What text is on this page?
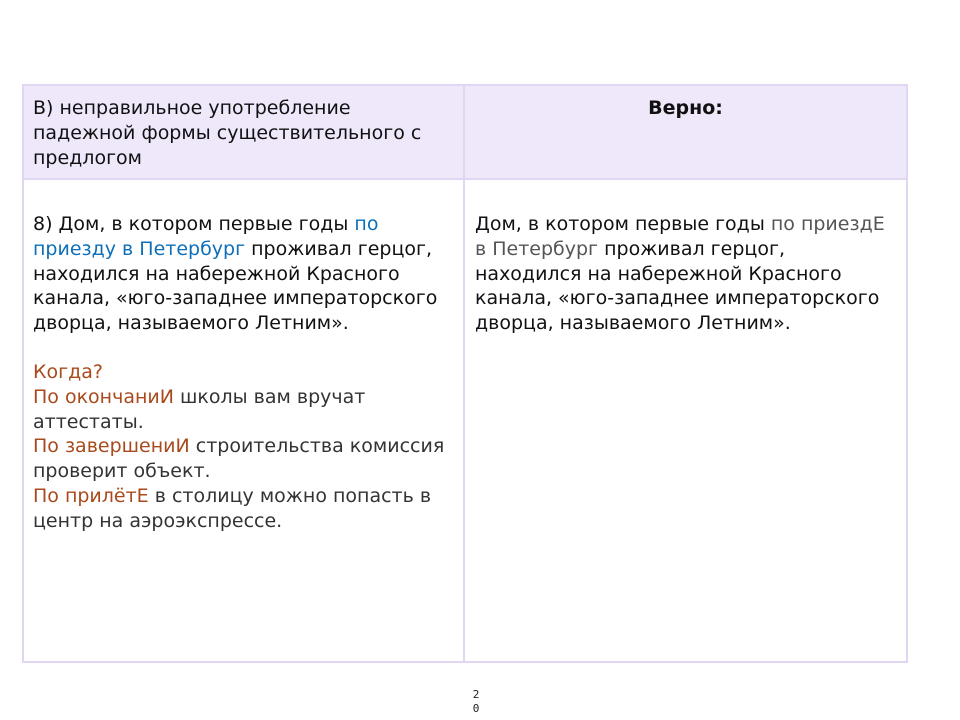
В) неправильное употребление падежной формы существительного с предлогом

Верно:

8) Дом, в котором первые годы по приезду в Петербург проживал герцог, находился на набережной Красного канала, «юго-западнее императорского дворца, называемого Летним».

Когда?

По окончаниИ школы вам вручат аттестаты.

По завершениИ строительства комиссия проверит объект.

По прилётЕ в столицу можно попасть в центр на аэроэкспрессе.

Дом, в котором первые годы по приездЕ в Петербург проживал герцог, находился на набережной Красного канала, «юго-западнее императорского дворца, называемого Летним».

20
